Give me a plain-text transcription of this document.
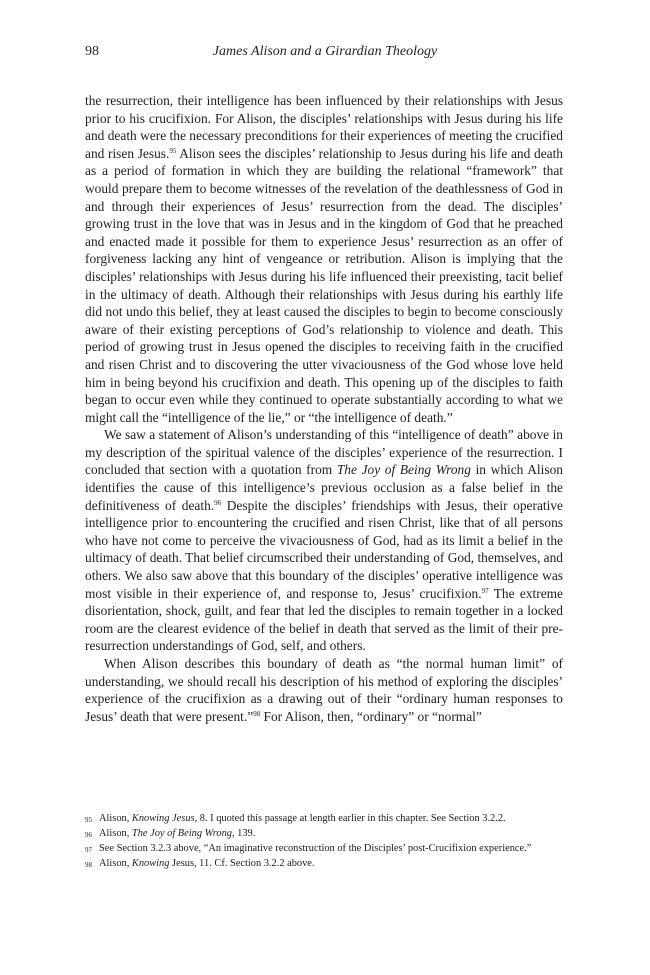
98	James Alison and a Girardian Theology

the resurrection, their intelligence has been influenced by their relationships with Jesus prior to his crucifixion. For Alison, the disciples’ relationships with Jesus during his life and death were the necessary preconditions for their experiences of meeting the crucified and risen Jesus.$^{95}$ Alison sees the disciples’ relationship to Jesus during his life and death as a period of formation in which they are building the relational “framework” that would prepare them to become witnesses of the revelation of the deathlessness of God in and through their experiences of Jesus’ resurrection from the dead. The disciples’ growing trust in the love that was in Jesus and in the kingdom of God that he preached and enacted made it possible for them to experience Jesus’ resurrection as an offer of forgiveness lacking any hint of vengeance or retribution. Alison is implying that the disciples’ relationships with Jesus during his life influenced their preexisting, tacit belief in the ultimacy of death. Although their relationships with Jesus during his earthly life did not undo this belief, they at least caused the disciples to begin to become consciously aware of their existing perceptions of God’s relationship to violence and death. This period of growing trust in Jesus opened the disciples to receiving faith in the crucified and risen Christ and to discovering the utter vivaciousness of the God whose love held him in being beyond his crucifixion and death. This opening up of the disciples to faith began to occur even while they continued to operate substantially according to what we might call the “intelligence of the lie,” or “the intelligence of death.”

We saw a statement of Alison’s understanding of this “intelligence of death” above in my description of the spiritual valence of the disciples’ experience of the resurrection. I concluded that section with a quotation from The Joy of Being Wrong in which Alison identifies the cause of this intelligence’s previous occlusion as a false belief in the definitiveness of death.$^{96}$ Despite the disciples’ friendships with Jesus, their operative intelligence prior to encountering the crucified and risen Christ, like that of all persons who have not come to perceive the vivaciousness of God, had as its limit a belief in the ultimacy of death. That belief circumscribed their understanding of God, themselves, and others. We also saw above that this boundary of the disciples’ operative intelligence was most visible in their experience of, and response to, Jesus’ crucifixion.$^{97}$ The extreme disorientation, shock, guilt, and fear that led the disciples to remain together in a locked room are the clearest evidence of the belief in death that served as the limit of their pre-resurrection understandings of God, self, and others.

When Alison describes this boundary of death as “the normal human limit” of understanding, we should recall his description of his method of exploring the disciples’ experience of the crucifixion as a drawing out of their “ordinary human responses to Jesus’ death that were present.”$^{98}$ For Alison, then, “ordinary” or “normal”

95 Alison, Knowing Jesus, 8. I quoted this passage at length earlier in this chapter. See Section 3.2.2.
96 Alison, The Joy of Being Wrong, 139.
97 See Section 3.2.3 above, “An imaginative reconstruction of the Disciples’ post-Crucifixion experience.”
98 Alison, Knowing Jesus, 11. Cf. Section 3.2.2 above.
